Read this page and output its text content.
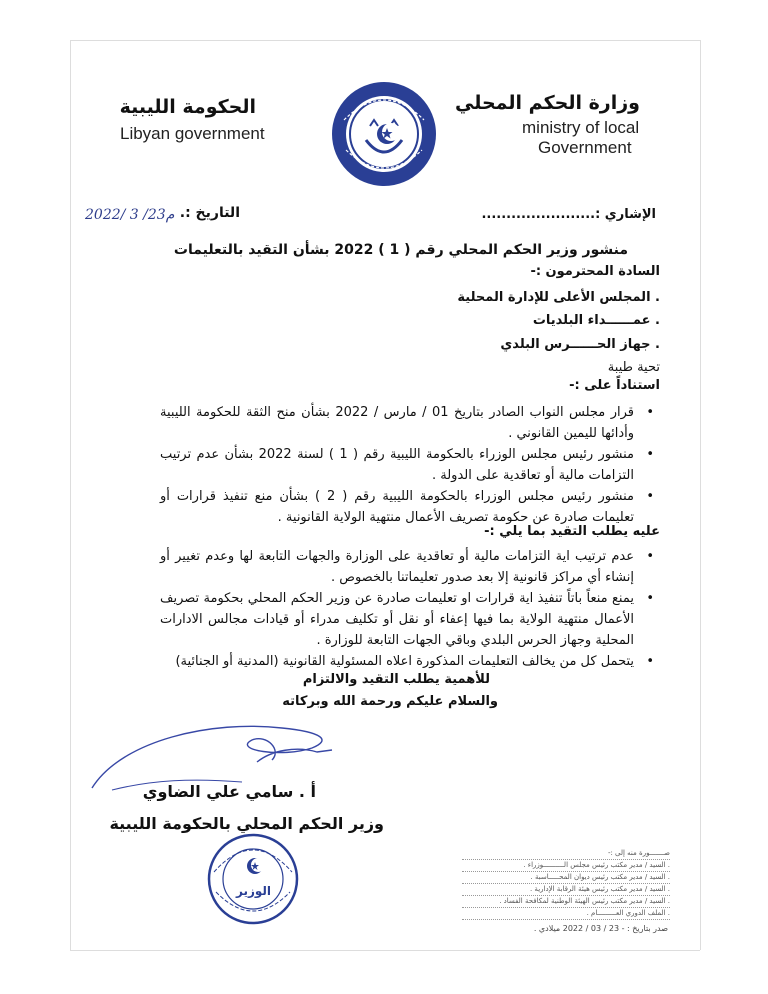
وزارة الحكم المحلي
ministry of local
Government
الحكومة الليبية
Libyan government
الإشاري :.......................
التاريخ :.
2022/ 3 /23م
منشور وزير الحكم المحلي رقم ( 1 ) 2022 بشأن التقيد بالتعليمات
السادة المحترمون :-
. المجلس الأعلى للإدارة المحلية
. عمــــــداء البلديات
. جهاز الحــــــرس البلدي
تحية طيبة
استناداً على :-
•
قرار مجلس النواب الصادر بتاريخ 01 / مارس / 2022 بشأن منح الثقة للحكومة الليبية وأدائها لليمين القانوني .
•
منشور رئيس مجلس الوزراء بالحكومة الليبية رقم ( 1 ) لسنة 2022 بشأن عدم ترتيب التزامات مالية أو تعاقدية على الدولة .
•
منشور رئيس مجلس الوزراء بالحكومة الليبية رقم ( 2 ) بشأن منع تنفيذ قرارات أو تعليمات صادرة عن حكومة تصريف الأعمال منتهية الولاية القانونية .
عليه يطلب التقيد بما يلي :-
•
عدم ترتيب اية التزامات مالية أو تعاقدية على الوزارة والجهات التابعة لها وعدم تغيير أو إنشاء أي مراكز قانونية إلا بعد صدور تعليماتنا بالخصوص .
•
يمنع منعاً باتاً تنفيذ اية قرارات او تعليمات صادرة عن وزير الحكم المحلي بحكومة تصريف الأعمال منتهية الولاية بما فيها إعفاء أو نقل أو تكليف مدراء أو قيادات مجالس الادارات المحلية وجهاز الحرس البلدي وباقي الجهات التابعة للوزارة .
•
يتحمل كل من يخالف التعليمات المذكورة اعلاه المسئولية القانونية (المدنية أو الجنائية)
للأهمية يطلب التقيد والالتزام
والسلام عليكم ورحمة الله وبركاته
أ . سامي علي الضاوي
وزير الحكم المحلي بالحكومة الليبية
الوزير
صـــــــورة منه إلى :-
. السيد / مدير مكتب رئيس مجلس الــــــــــوزراء .
. السيد / مدير مكتب رئيس ديوان المحـــــاسبة .
. السيد / مدير مكتب رئيس هيئة الرقابة الإدارية .
. السيد / مدير مكتب رئيس الهيئة الوطنية لمكافحة الفساد .
. الملف الدوري العـــــــــام .
صدر بتاريخ : - 23 / 03 / 2022 ميلادي .
